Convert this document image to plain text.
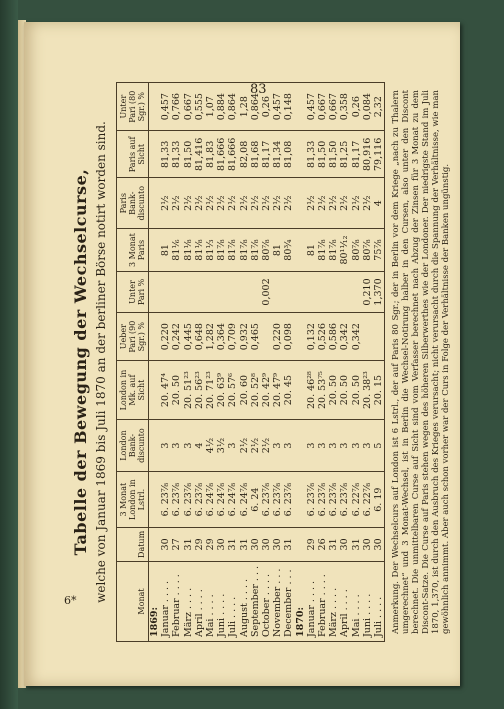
83
6*
Tabelle der Bewegung der Wechselcurse, welche von Januar 1869 bis Juli 1870 an der berliner Börse notirt worden sind.	Monat	Datum	3 Monat London in Lstrl.	London Bank-discunto	London in Mk. auf Sicht	Ueber Pari (90 Sgr.) %	Unter Pari %	3 Monat Paris	Paris Bank-discunto	Paris auf Sicht	Unter Pari (80 Sgr.) %
1869:										
Januar . . . .	30	6. 23⅞	3	20. 47⁴	0,220		81	2½	81,33	0,457
Februar . . . .	27	6. 23⅞	3	20. 50	0,242		81⅙	2½	81,33	0,766
März . . . .	31	6. 23⅞	3	20. 51²³	0,445		81⅛	2½	81,50	0,667
April . . . .	29	6. 23⅞	4	20. 56²³	0,648		81⅛	2½	81,416	0,555
Mai . . . .	29	6. 24⅞	4½	20. 71²³	1,282		81⅓	2½	81,83	1,07
Juni . . . .	30	6. 24⅞	3½	20. 63⁹	0,364		81⅞	2½	81,666	0,884
Juli . . . .	31	6. 24⅞	3	20. 57⁶	0,709		81⅞	2½	81,666	0,864
August . . . .	31	6. 24⅞	2½	20. 60	0,932		81⅞	2½	82,08	1,28
September . . .	30	6. 24	2½	20. 52⁸	0,465		81⅞	2½	81,68	0,864
October . . . .	30	6. 23⅞	2½	20. 42⁹		0,002	80⅞	2½	81,17	0,26
November . . .	30	6. 23⅞	3	20. 47⁹	0,220		81	2½	81,34	0,457
December . . .	31	6. 23⅞	3	20. 45	0,098		80¾	2½	81,08	0,148
1870:										
Januar . . . .	29	6. 23⅞	3	20. 46²⁸	0,132		81	2½	81,33	0,457
Februar . . . .	26	6. 23⅞	3	20. 53⁷⁵	0,526		81⅞	2½	81,50	0,667
März . . . .	31	6. 23⅞	3	20. 50	0,586		81⅞	2½	81,50	0,667
April . . . .	30	6. 23⅞	3	20. 50	0,342		80¹¹⁄₁₂	2½	81,25	0,358
Mai . . . .	31	6. 22⅞	3	20. 50	0,342		80⅞	2½	81,17	0,26
Juni . . . .	30	6. 22⅞	3	20. 38²³		0,210	80⅞	2½	80,916	0,084
Juli . . . .	30	6. 19	5	20. 15		1,370	75⅞	4	79,116	2,32 Anmerkung. Der Wechselcurs auf London ist 6 Lstrl., der auf Paris 80 Sgr.; der in Berlin vor dem Kriege „nach zu Thalern umgerechnet“ und 3 Monat-Wechsel, ist in Berlin die Wechsel-Notirung halber in den Cursen, also unter den Discont berechnet. Die unmittelbaren Curse auf Sicht sind vom Verfasser berechnet nach Abzug der Zinsen für 3 Monat zu dem Discont-Satze. Die Curse auf Paris stehen wegen des höheren Silberwerthes wie der Londoner. Der niedrigste Stand im Juli 1870, 1,370, ist durch den Ausbruch des Krieges verursacht; nicht verursacht durch die Spannung der Verhältnisse, wie man gewöhnlich annimmt. Aber auch schon vorher war der Curs in Folge der Verhältnisse der Banken ungünstig.
